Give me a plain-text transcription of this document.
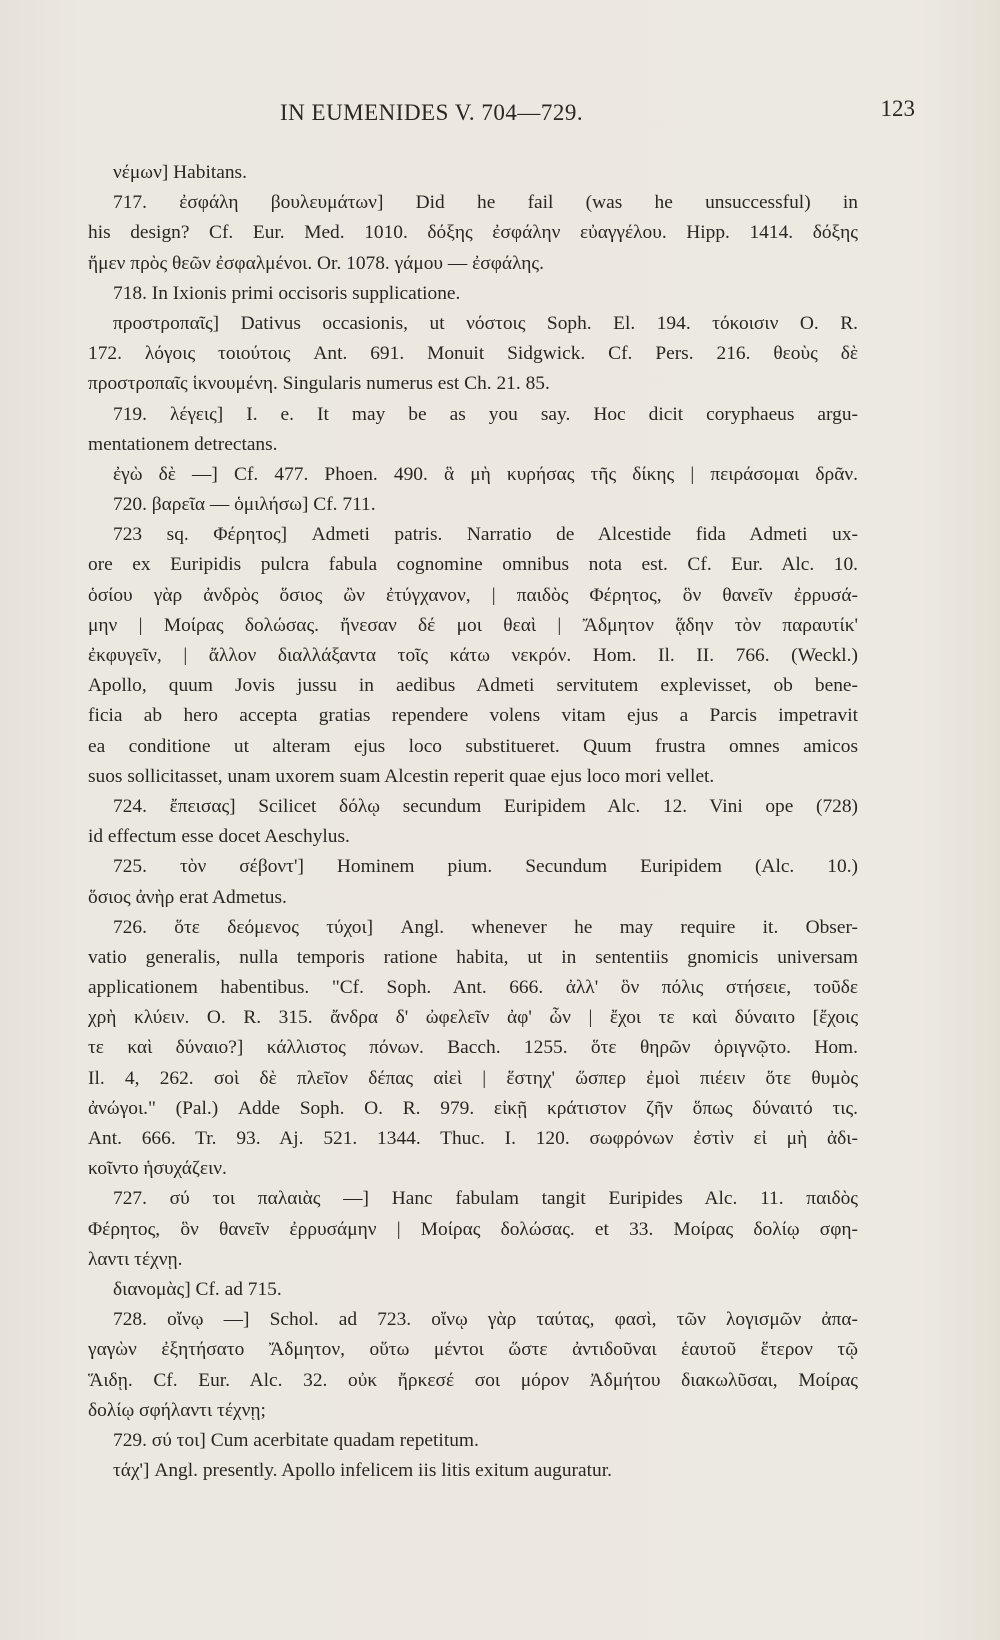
IN EUMENIDES V. 704—729.	123
νέμων] Habitans.
717. ἐσφάλη βουλευμάτων] Did he fail (was he unsuccessful) in
his design? Cf. Eur. Med. 1010. δόξης ἐσφάλην εὐαγγέλου. Hipp. 1414. δόξης
ἥμεν πρὸς θεῶν ἐσφαλμένοι. Or. 1078. γάμου — ἐσφάλης.
718. In Ixionis primi occisoris supplicatione.
προστροπαῖς] Dativus occasionis, ut νόστοις Soph. El. 194. τόκοισιν O. R.
172. λόγοις τοιούτοις Ant. 691. Monuit Sidgwick. Cf. Pers. 216. θεοὺς δὲ
προστροπαῖς ἱκνουμένη. Singularis numerus est Ch. 21. 85.
719. λέγεις] I. e. It may be as you say. Hoc dicit coryphaeus argu-
mentationem detrectans.
ἐγὼ δὲ —] Cf. 477. Phoen. 490. ἃ μὴ κυρήσας τῆς δίκης | πειράσομαι δρᾶν.
720. βαρεῖα — ὁμιλήσω] Cf. 711.
723 sq. Φέρητος] Admeti patris. Narratio de Alcestide fida Admeti ux-
ore ex Euripidis pulcra fabula cognomine omnibus nota est. Cf. Eur. Alc. 10.
ὁσίου γὰρ ἀνδρὸς ὅσιος ὢν ἐτύγχανον, | παιδὸς Φέρητος, ὃν θανεῖν ἐρρυσά-
μην | Μοίρας δολώσας. ἤνεσαν δέ μοι θεαὶ | Ἄδμητον ᾅδην τὸν παραυτίκ'
ἐκφυγεῖν, | ἄλλον διαλλάξαντα τοῖς κάτω νεκρόν. Hom. Il. II. 766. (Weckl.)
Apollo, quum Jovis jussu in aedibus Admeti servitutem explevisset, ob bene-
ficia ab hero accepta gratias rependere volens vitam ejus a Parcis impetravit
ea conditione ut alteram ejus loco substitueret. Quum frustra omnes amicos
suos sollicitasset, unam uxorem suam Alcestin reperit quae ejus loco mori vellet.
724. ἔπεισας] Scilicet δόλῳ secundum Euripidem Alc. 12. Vini ope (728)
id effectum esse docet Aeschylus.
725. τὸν σέβοντ'] Hominem pium. Secundum Euripidem (Alc. 10.)
ὅσιος ἀνὴρ erat Admetus.
726. ὅτε δεόμενος τύχοι] Angl. whenever he may require it. Obser-
vatio generalis, nulla temporis ratione habita, ut in sententiis gnomicis universam
applicationem habentibus. "Cf. Soph. Ant. 666. ἀλλ' ὃν πόλις στήσειε, τοῦδε
χρὴ κλύειν. O. R. 315. ἄνδρα δ' ὠφελεῖν ἀφ' ὧν | ἔχοι τε καὶ δύναιτο [ἔχοις
τε καὶ δύναιο?] κάλλιστος πόνων. Bacch. 1255. ὅτε θηρῶν ὀριγνῷτο. Hom.
Il. 4, 262. σοὶ δὲ πλεῖον δέπας αἰεὶ | ἕστηχ' ὥσπερ ἐμοὶ πιέειν ὅτε θυμὸς
ἀνώγοι." (Pal.) Adde Soph. O. R. 979. εἰκῇ κράτιστον ζῆν ὅπως δύναιτό τις.
Ant. 666. Tr. 93. Aj. 521. 1344. Thuc. I. 120. σωφρόνων ἐστὶν εἰ μὴ ἀδι-
κοῖντο ἡσυχάζειν.
727. σύ τοι παλαιὰς —] Hanc fabulam tangit Euripides Alc. 11. παιδὸς
Φέρητος, ὃν θανεῖν ἐρρυσάμην | Μοίρας δολώσας. et 33. Μοίρας δολίῳ σφη-
λαντι τέχνῃ.
διανομὰς] Cf. ad 715.
728. οἴνῳ —] Schol. ad 723. οἴνῳ γὰρ ταύτας, φασὶ, τῶν λογισμῶν ἀπα-
γαγὼν ἐξητήσατο Ἄδμητον, οὕτω μέντοι ὥστε ἀντιδοῦναι ἑαυτοῦ ἕτερον τῷ
Ἅιδῃ. Cf. Eur. Alc. 32. οὐκ ἤρκεσέ σοι μόρον Ἀδμήτου διακωλῦσαι, Μοίρας
δολίῳ σφήλαντι τέχνῃ;
729. σύ τοι] Cum acerbitate quadam repetitum.
τάχ'] Angl. presently. Apollo infelicem iis litis exitum auguratur.
